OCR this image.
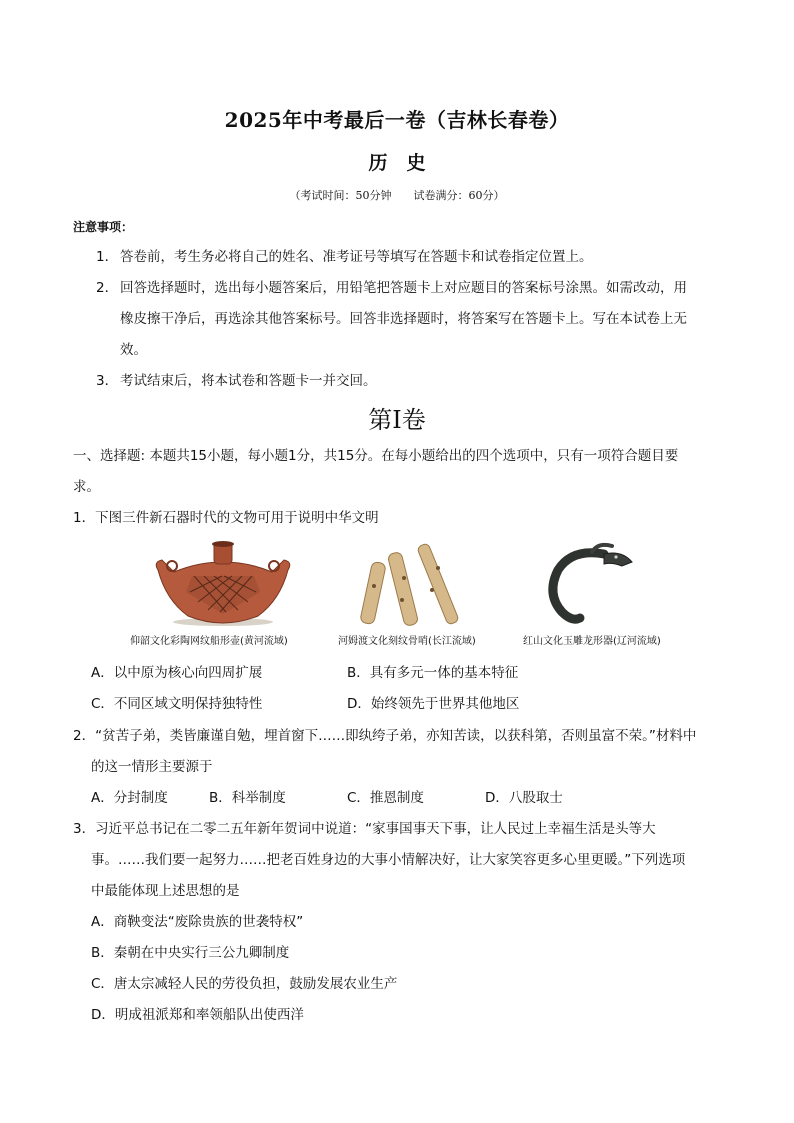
2025年中考最后一卷（吉林长春卷）
历　史
（考试时间：50分钟　　试卷满分：60分）
注意事项：
1． 答卷前，考生务必将自己的姓名、准考证号等填写在答题卡和试卷指定位置上。
2． 回答选择题时，选出每小题答案后，用铅笔把答题卡上对应题目的答案标号涂黑。如需改动，用
橡皮擦干净后，再选涂其他答案标号。回答非选择题时，将答案写在答题卡上。写在本试卷上无
效。
3． 考试结束后，将本试卷和答题卡一并交回。
第Ⅰ卷
一、选择题: 本题共15小题，每小题1分，共15分。在每小题给出的四个选项中，只有一项符合题目要
求。
1．下图三件新石器时代的文物可用于说明中华文明
仰韶文化彩陶网纹船形壶(黄河流域)	河姆渡文化刻纹骨哨(长江流域)	红山文化玉雕龙形器(辽河流域)
A．以中原为核心向四周扩展	B．具有多元一体的基本特征
C．不同区域文明保持独特性	D．始终领先于世界其他地区
2．“贫苦子弟，类皆廉谨自勉，埋首窗下……即纨绔子弟，亦知苦读，以获科第，否则虽富不荣。”材料中
的这一情形主要源于
A．分封制度	B．科举制度	C．推恩制度	D．八股取士
3．习近平总书记在二零二五年新年贺词中说道：“家事国事天下事，让人民过上幸福生活是头等大
事。……我们要一起努力……把老百姓身边的大事小情解决好，让大家笑容更多心里更暖。”下列选项
中最能体现上述思想的是
A．商鞅变法“废除贵族的世袭特权”
B．秦朝在中央实行三公九卿制度
C．唐太宗减轻人民的劳役负担，鼓励发展农业生产
D．明成祖派郑和率领船队出使西洋
